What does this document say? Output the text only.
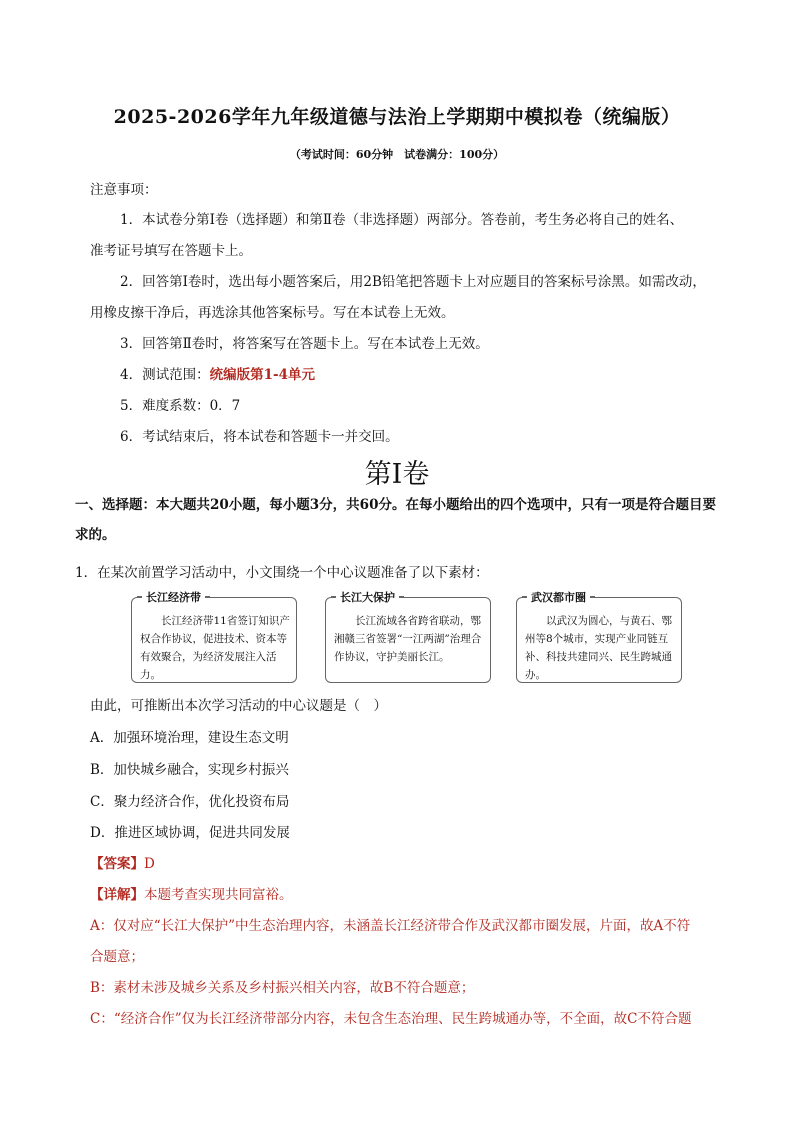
2025-2026学年九年级道德与法治上学期期中模拟卷（统编版）
（考试时间：60分钟　试卷满分：100分）
注意事项：
1．本试卷分第Ⅰ卷（选择题）和第Ⅱ卷（非选择题）两部分。答卷前，考生务必将自己的姓名、
准考证号填写在答题卡上。
2．回答第Ⅰ卷时，选出每小题答案后，用2B铅笔把答题卡上对应题目的答案标号涂黑。如需改动，
用橡皮擦干净后，再选涂其他答案标号。写在本试卷上无效。
3．回答第Ⅱ卷时，将答案写在答题卡上。写在本试卷上无效。
4．测试范围：统编版第1-4单元
5．难度系数：0．7
6．考试结束后，将本试卷和答题卡一并交回。
第Ⅰ卷
一、选择题：本大题共20小题，每小题3分，共60分。在每小题给出的四个选项中，只有一项是符合题目要求的。
1．在某次前置学习活动中，小文围绕一个中心议题准备了以下素材：
长江经济带
长江经济带11省签订知识产权合作协议，促进技术、资本等有效聚合，为经济发展注入活力。
长江大保护
长江流域各省跨省联动，鄂湘赣三省签署“一江两湖”治理合作协议，守护美丽长江。
武汉都市圈
以武汉为圆心，与黄石、鄂州等8个城市，实现产业同链互补、科技共建同兴、民生跨城通办。
由此，可推断出本次学习活动的中心议题是（　）
A．加强环境治理，建设生态文明
B．加快城乡融合，实现乡村振兴
C．聚力经济合作，优化投资布局
D．推进区域协调，促进共同发展
【答案】D
【详解】本题考查实现共同富裕。
A：仅对应“长江大保护”中生态治理内容，未涵盖长江经济带合作及武汉都市圈发展，片面，故A不符
合题意；
B：素材未涉及城乡关系及乡村振兴相关内容，故B不符合题意；
C：“经济合作”仅为长江经济带部分内容，未包含生态治理、民生跨城通办等，不全面，故C不符合题
